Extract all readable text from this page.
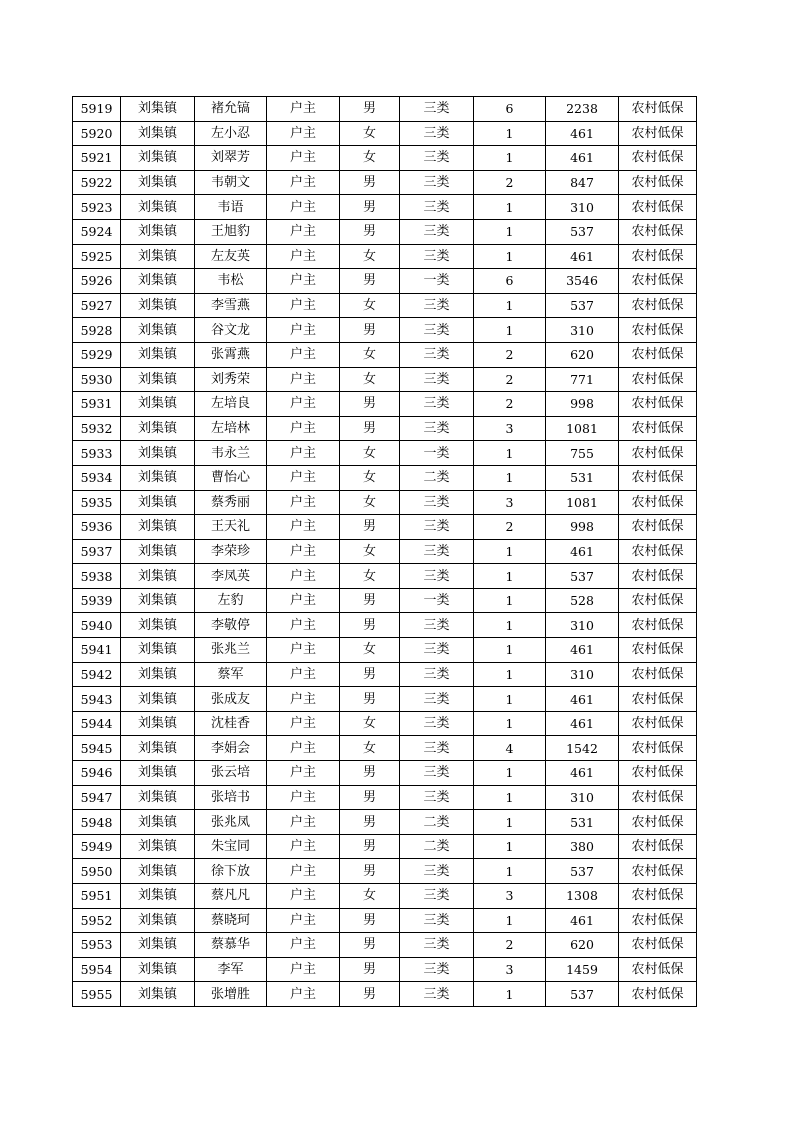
5919	刘集镇	褚允镐	户主	男	三类	6	2238	农村低保
5920	刘集镇	左小忍	户主	女	三类	1	461	农村低保
5921	刘集镇	刘翠芳	户主	女	三类	1	461	农村低保
5922	刘集镇	韦朝文	户主	男	三类	2	847	农村低保
5923	刘集镇	韦语	户主	男	三类	1	310	农村低保
5924	刘集镇	王旭豹	户主	男	三类	1	537	农村低保
5925	刘集镇	左友英	户主	女	三类	1	461	农村低保
5926	刘集镇	韦松	户主	男	一类	6	3546	农村低保
5927	刘集镇	李雪燕	户主	女	三类	1	537	农村低保
5928	刘集镇	谷文龙	户主	男	三类	1	310	农村低保
5929	刘集镇	张霄燕	户主	女	三类	2	620	农村低保
5930	刘集镇	刘秀荣	户主	女	三类	2	771	农村低保
5931	刘集镇	左培良	户主	男	三类	2	998	农村低保
5932	刘集镇	左培林	户主	男	三类	3	1081	农村低保
5933	刘集镇	韦永兰	户主	女	一类	1	755	农村低保
5934	刘集镇	曹怡心	户主	女	二类	1	531	农村低保
5935	刘集镇	蔡秀丽	户主	女	三类	3	1081	农村低保
5936	刘集镇	王天礼	户主	男	三类	2	998	农村低保
5937	刘集镇	李荣珍	户主	女	三类	1	461	农村低保
5938	刘集镇	李凤英	户主	女	三类	1	537	农村低保
5939	刘集镇	左豹	户主	男	一类	1	528	农村低保
5940	刘集镇	李敬停	户主	男	三类	1	310	农村低保
5941	刘集镇	张兆兰	户主	女	三类	1	461	农村低保
5942	刘集镇	蔡军	户主	男	三类	1	310	农村低保
5943	刘集镇	张成友	户主	男	三类	1	461	农村低保
5944	刘集镇	沈桂香	户主	女	三类	1	461	农村低保
5945	刘集镇	李娟会	户主	女	三类	4	1542	农村低保
5946	刘集镇	张云培	户主	男	三类	1	461	农村低保
5947	刘集镇	张培书	户主	男	三类	1	310	农村低保
5948	刘集镇	张兆凤	户主	男	二类	1	531	农村低保
5949	刘集镇	朱宝同	户主	男	二类	1	380	农村低保
5950	刘集镇	徐下放	户主	男	三类	1	537	农村低保
5951	刘集镇	蔡凡凡	户主	女	三类	3	1308	农村低保
5952	刘集镇	蔡晓珂	户主	男	三类	1	461	农村低保
5953	刘集镇	蔡慕华	户主	男	三类	2	620	农村低保
5954	刘集镇	李军	户主	男	三类	3	1459	农村低保
5955	刘集镇	张增胜	户主	男	三类	1	537	农村低保
